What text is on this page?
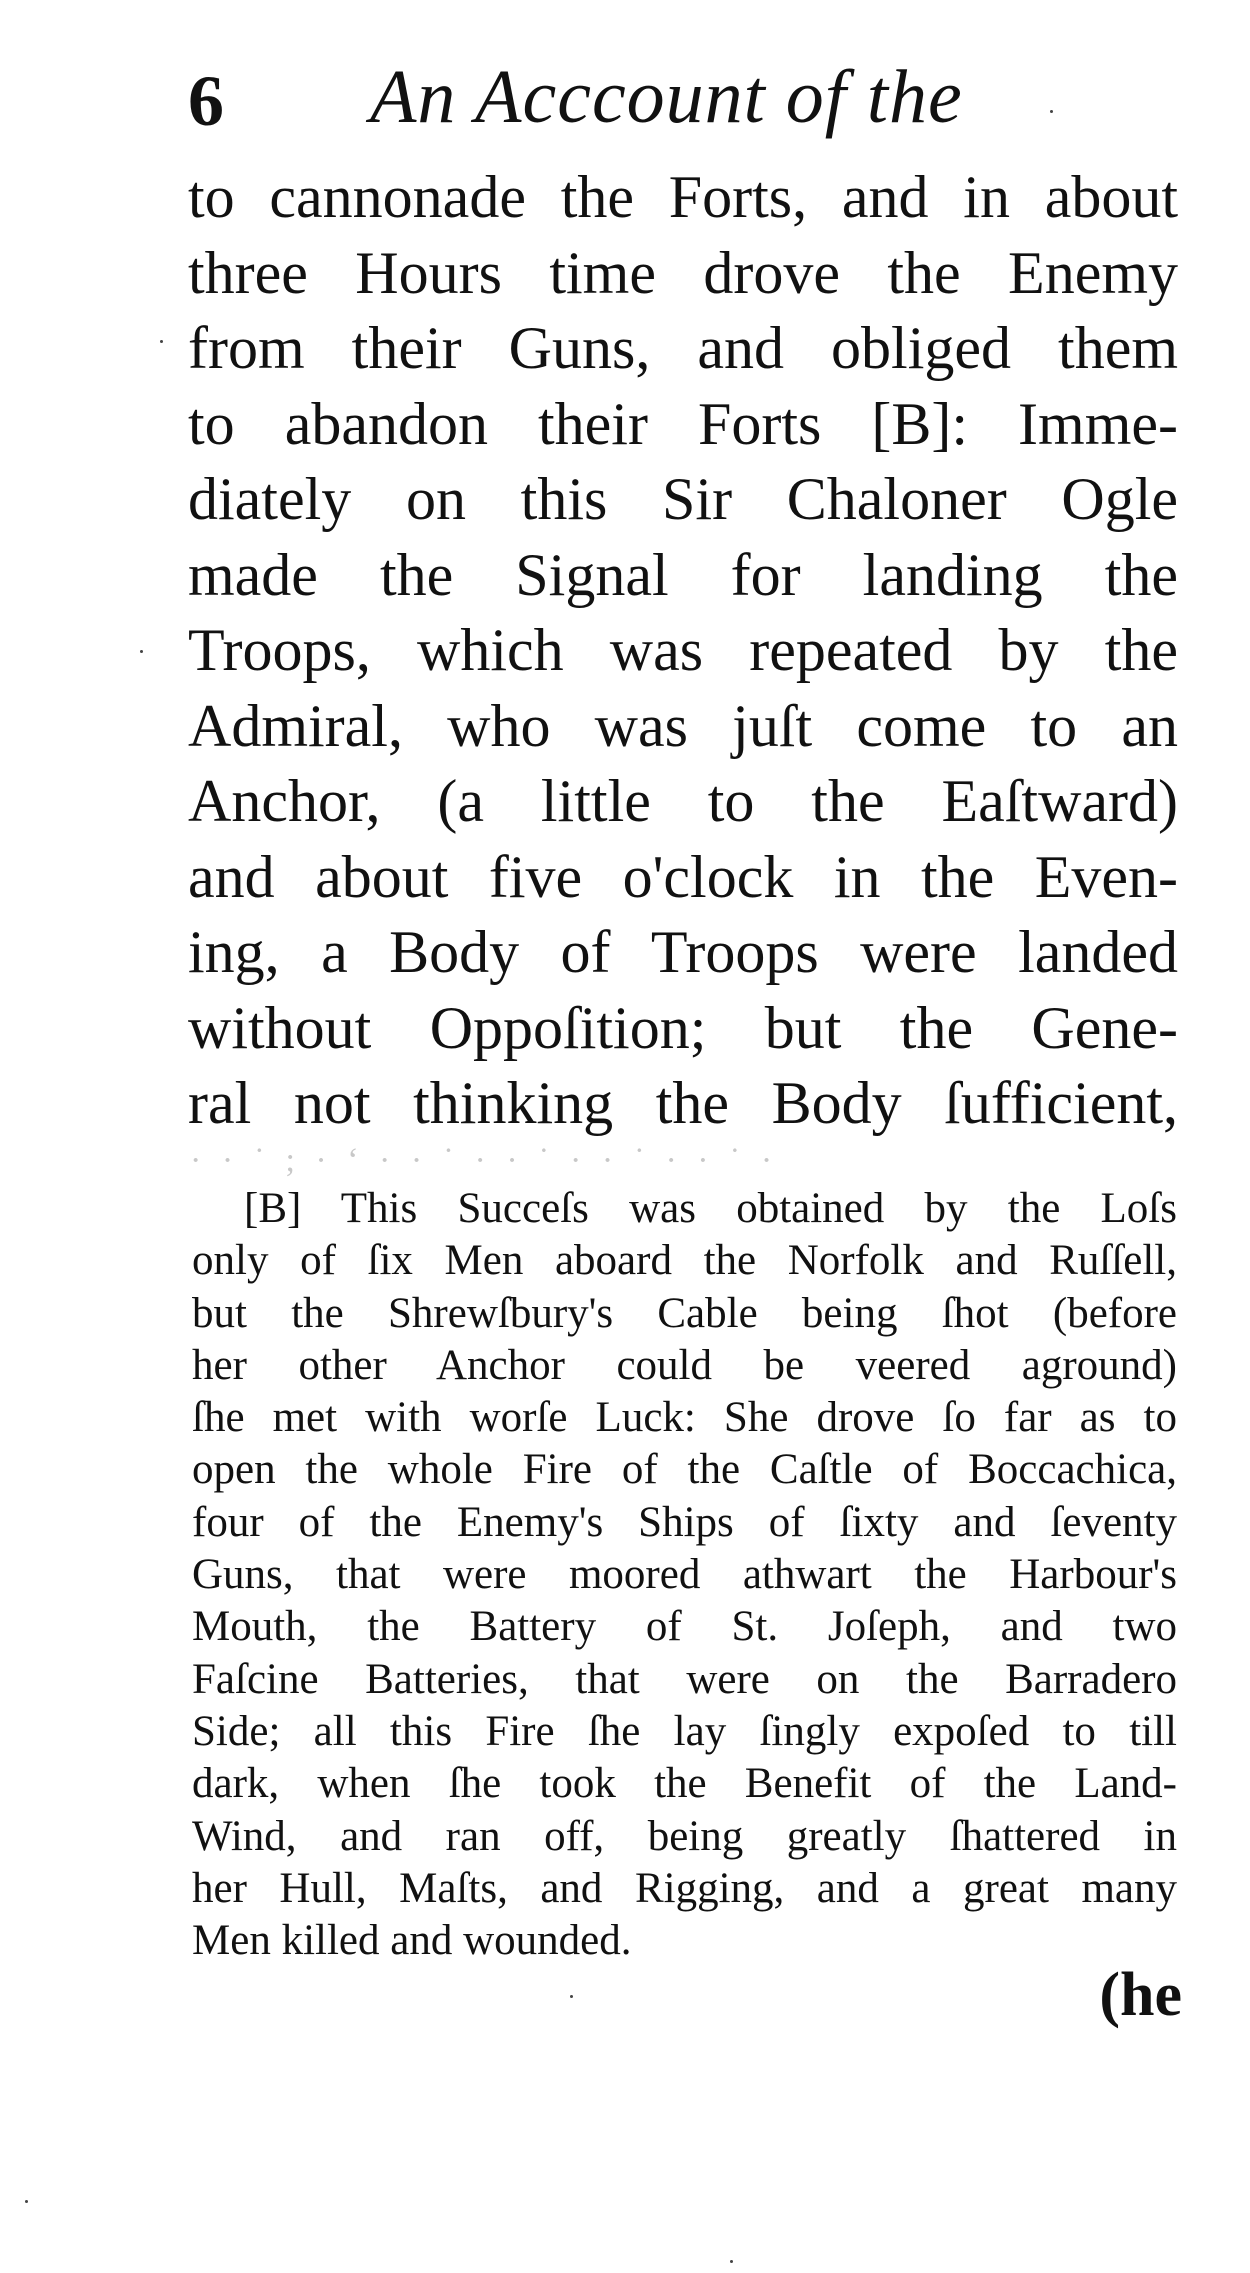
6 An Acccount of the
to cannonade the Forts, and in about
three Hours time drove the Enemy
from their Guns, and obliged them
to abandon their Forts [B]: Imme-
diately on this Sir Chaloner Ogle
made the Signal for landing the
Troops, which was repeated by the
Admiral, who was juſt come to an
Anchor, (a little to the Eaſtward)
and about five o'clock in the Even-
ing, a Body of Troops were landed
without Oppoſition; but the Gene-
ral not thinking the Body ſufficient,
· · ˙ ; · ‘ · · ˙ · · ˙ · · ˙ · · ˙ ·
[B] This Succeſs was obtained by the Loſs
only of ſix Men aboard the Norfolk and Ruſſell,
but the Shrewſbury's Cable being ſhot (before
her other Anchor could be veered aground)
ſhe met with worſe Luck: She drove ſo far as to
open the whole Fire of the Caſtle of Boccachica,
four of the Enemy's Ships of ſixty and ſeventy
Guns, that were moored athwart the Harbour's
Mouth, the Battery of St. Joſeph, and two
Faſcine Batteries, that were on the Barradero
Side; all this Fire ſhe lay ſingly expoſed to till
dark, when ſhe took the Benefit of the Land-
Wind, and ran off, being greatly ſhattered in
her Hull, Maſts, and Rigging, and a great many
Men killed and wounded.
(he
